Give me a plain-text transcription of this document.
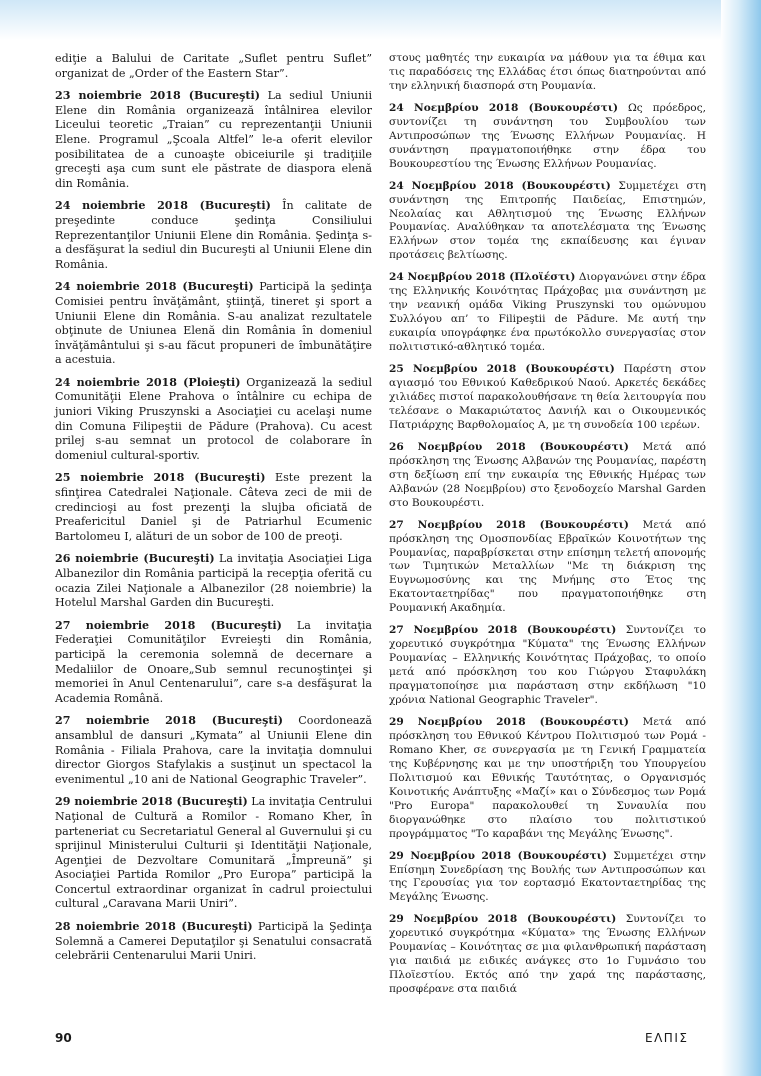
ediţie a Balului de Caritate „Suflet pentru Suflet” organizat de „Order of the Eastern Star”.

23 noiembrie 2018 (Bucureşti) La sediul Uniunii Elene din România organizează întâlnirea elevilor Liceului teoretic „Traian” cu reprezentanţii Uniunii Elene. Programul „Şcoala Altfel” le-a oferit elevilor posibilitatea de a cunoaşte obiceiurile şi tradiţiile greceşti aşa cum sunt ele păstrate de diaspora elenă din România.

24 noiembrie 2018 (Bucureşti) În calitate de preşedinte conduce şedinţa Consiliului Reprezentanţilor Uniunii Elene din România. Şedinţa s-a desfăşurat la sediul din Bucureşti al Uniunii Elene din România.

24 noiembrie 2018 (Bucureşti) Participă la şedinţa Comisiei pentru învăţământ, ştiinţă, tineret şi sport a Uniunii Elene din România. S-au analizat rezultatele obţinute de Uniunea Elenă din România în domeniul învăţământului şi s-au făcut propuneri de îmbunătăţire a acestuia.

24 noiembrie 2018 (Ploieşti) Organizează la sediul Comunităţii Elene Prahova o întâlnire cu echipa de juniori Viking Pruszynski a Asociaţiei cu acelaşi nume din Comuna Filipeştii de Pădure (Prahova). Cu acest prilej s-au semnat un protocol de colaborare în domeniul cultural-sportiv.

25 noiembrie 2018 (Bucureşti) Este prezent la sfinţirea Catedralei Naţionale. Câteva zeci de mii de credincioşi au fost prezenţi la slujba oficiată de Preafericitul Daniel şi de Patriarhul Ecumenic Bartolomeu I, alături de un sobor de 100 de preoţi.

26 noiembrie (Bucureşti) La invitaţia Asociaţiei Liga Albanezilor din România participă la recepţia oferită cu ocazia Zilei Naţionale a Albanezilor (28 noiembrie) la Hotelul Marshal Garden din Bucureşti.

27 noiembrie 2018 (Bucureşti) La invitaţia Federaţiei Comunităţilor Evreieşti din România, participă la ceremonia solemnă de decernare a Medaliilor de Onoare„Sub semnul recunoştinţei şi memoriei în Anul Centenarului”, care s-a desfăşurat la Academia Română.

27 noiembrie 2018 (Bucureşti) Coordonează ansamblul de dansuri „Kymata” al Uniunii Elene din România - Filiala Prahova, care la invitaţia domnului director Giorgos Stafylakis a susţinut un spectacol la evenimentul „10 ani de National Geographic Traveler”.

29 noiembrie 2018 (Bucureşti) La invitaţia Centrului Naţional de Cultură a Romilor - Romano Kher, în parteneriat cu Secretariatul General al Guvernului şi cu sprijinul Ministerului Culturii şi Identităţii Naţionale, Agenţiei de Dezvoltare Comunitară „Împreună” şi Asociaţiei Partida Romilor „Pro Europa” participă la Concertul extraordinar organizat în cadrul proiectului cultural „Caravana Marii Uniri”.

28 noiembrie 2018 (Bucureşti) Participă la Şedinţa Solemnă a Camerei Deputaţilor şi Senatului consacrată celebrării Centenarului Marii Uniri.

στους μαθητές την ευκαιρία να μάθουν για τα έθιμα και τις παραδόσεις της Ελλάδας έτσι όπως διατηρούνται από την ελληνική διασπορά στη Ρουμανία.

24 Νοεμβρίου 2018 (Βουκουρέστι) Ως πρόεδρος, συντονίζει τη συνάντηση του Συμβουλίου των Αντιπροσώπων της Ένωσης Ελλήνων Ρουμανίας. Η συνάντηση πραγματοποιήθηκε στην έδρα του Βουκουρεστίου της Ένωσης Ελλήνων Ρουμανίας.

24 Νοεμβρίου 2018 (Βουκουρέστι) Συμμετέχει στη συνάντηση της Επιτροπής Παιδείας, Επιστημών, Νεολαίας και Αθλητισμού της Ένωσης Ελλήνων Ρουμανίας. Αναλύθηκαν τα αποτελέσματα της Ένωσης Ελλήνων στον τομέα της εκπαίδευσης και έγιναν προτάσεις βελτίωσης.

24 Νοεμβρίου 2018 (Πλοϊέστι) Διοργανώνει στην έδρα της Ελληνικής Κοινότητας Πράχοβας μια συνάντηση με την νεανική ομάδα Viking Pruszynski του ομώνυμου Συλλόγου απ’ το Filipeştii de Pădure. Με αυτή την ευκαιρία υπογράφηκε ένα πρωτόκολλο συνεργασίας στον πολιτιστικό-αθλητικό τομέα.

25 Νοεμβρίου 2018 (Βουκουρέστι) Παρέστη στον αγιασμό του Εθνικού Καθεδρικού Ναού. Αρκετές δεκάδες χιλιάδες πιστοί παρακολουθήσανε τη θεία λειτουργία που τελέσανε ο Μακαριώτατος Δανιήλ και ο Οικουμενικός Πατριάρχης Βαρθολομαίος Α, με τη συνοδεία 100 ιερέων.

26 Νοεμβρίου 2018 (Βουκουρέστι) Μετά από πρόσκληση της Ένωσης Αλβανών της Ρουμανίας, παρέστη στη δεξίωση επί την ευκαιρία της Εθνικής Ημέρας των Αλβανών (28 Νοεμβρίου) στο ξενοδοχείο Marshal Garden στο Βουκουρέστι.

27 Νοεμβρίου 2018 (Βουκουρέστι) Μετά από πρόσκληση της Ομοσπονδίας Εβραϊκών Κοινοτήτων της Ρουμανίας, παραβρίσκεται στην επίσημη τελετή απονομής των Τιμητικών Μεταλλίων "Με τη διάκριση της Ευγνωμοσύνης και της Μνήμης στο Έτος της Εκατονταετηρίδας" που πραγματοποιήθηκε στη Ρουμανική Ακαδημία.

27 Νοεμβρίου 2018 (Βουκουρέστι) Συντονίζει το χορευτικό συγκρότημα "Κύματα" της Ένωσης Ελλήνων Ρουμανίας – Ελληνικής Κοινότητας Πράχοβας, το οποίο μετά από πρόσκληση του κου Γιώργου Σταφυλάκη πραγματοποίησε μια παράσταση στην εκδήλωση "10 χρόνια National Geographic Traveler".

29 Νοεμβρίου 2018 (Βουκουρέστι) Μετά από πρόσκληση του Εθνικού Κέντρου Πολιτισμού των Ρομά - Romano Kher, σε συνεργασία με τη Γενική Γραμματεία της Κυβέρνησης και με την υποστήριξη του Υπουργείου Πολιτισμού και Εθνικής Ταυτότητας, ο Οργανισμός Κοινοτικής Ανάπτυξης «Μαζί» και ο Σύνδεσμος των Ρομά "Pro Europa" παρακολουθεί τη Συναυλία που διοργανώθηκε στο πλαίσιο του πολιτιστικού προγράμματος "Το καραβάνι της Μεγάλης Ένωσης".

29 Νοεμβρίου 2018 (Βουκουρέστι) Συμμετέχει στην Επίσημη Συνεδρίαση της Βουλής των Αντιπροσώπων και της Γερουσίας για τον εορτασμό Εκατονταετηρίδας της Μεγάλης Ένωσης.

29 Νοεμβρίου 2018 (Βουκουρέστι) Συντονίζει το χορευτικό συγκρότημα «Κύματα» της Ένωσης Ελλήνων Ρουμανίας – Κοινότητας σε μια φιλανθρωπική παράσταση για παιδιά με ειδικές ανάγκες στο 1ο Γυμνάσιο του Πλοϊεστίου. Εκτός από την χαρά της παράστασης, προσφέρανε στα παιδιά

90	ΕΛΠΙΣ
